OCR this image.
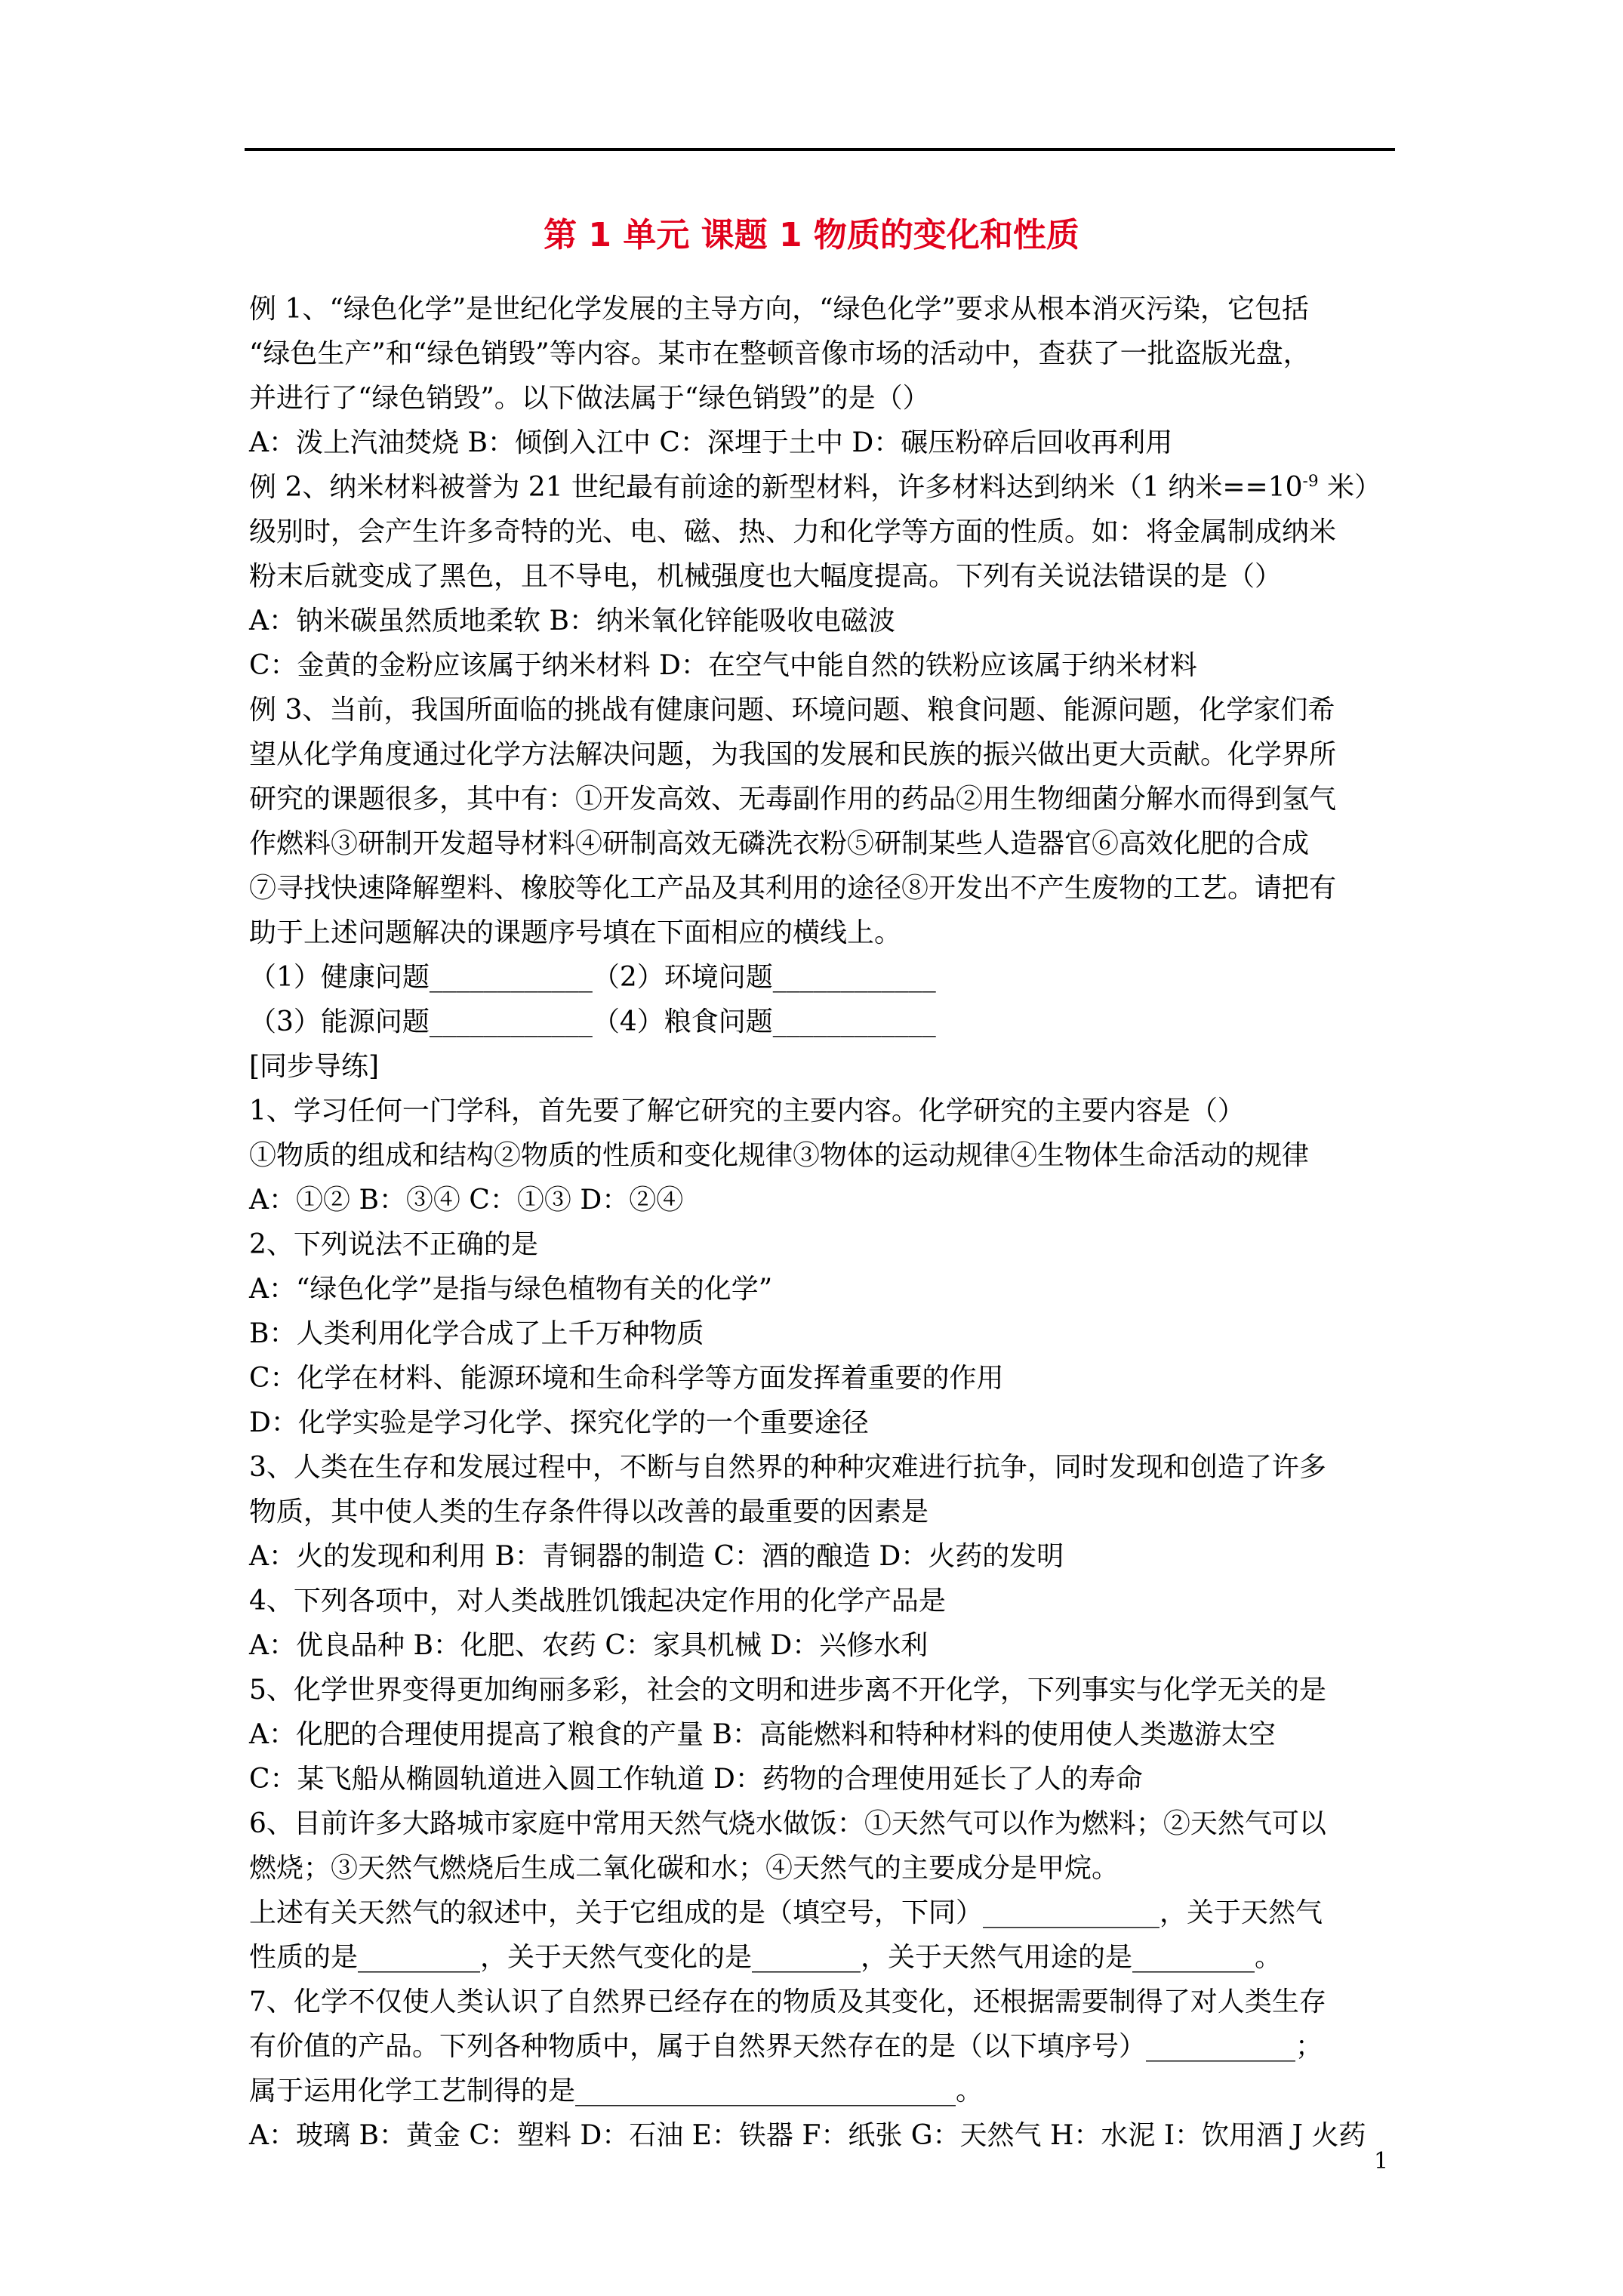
第 1 单元 课题 1 物质的变化和性质
例 1、“绿色化学”是世纪化学发展的主导方向，“绿色化学”要求从根本消灭污染，它包括
“绿色生产”和“绿色销毁”等内容。某市在整顿音像市场的活动中，查获了一批盗版光盘，
并进行了“绿色销毁”。以下做法属于“绿色销毁”的是（）
A：泼上汽油焚烧 B：倾倒入江中 C：深埋于土中 D：碾压粉碎后回收再利用
例 2、纳米材料被誉为 21 世纪最有前途的新型材料，许多材料达到纳米（1 纳米$==10^{-9}$ 米）
级别时，会产生许多奇特的光、电、磁、热、力和化学等方面的性质。如：将金属制成纳米
粉末后就变成了黑色，且不导电，机械强度也大幅度提高。下列有关说法错误的是（）
A：钠米碳虽然质地柔软 B：纳米氧化锌能吸收电磁波
C：金黄的金粉应该属于纳米材料 D：在空气中能自然的铁粉应该属于纳米材料
例 3、当前，我国所面临的挑战有健康问题、环境问题、粮食问题、能源问题，化学家们希
望从化学角度通过化学方法解决问题，为我国的发展和民族的振兴做出更大贡献。化学界所
研究的课题很多，其中有：①开发高效、无毒副作用的药品②用生物细菌分解水而得到氢气
作燃料③研制开发超导材料④研制高效无磷洗衣粉⑤研制某些人造器官⑥高效化肥的合成
⑦寻找快速降解塑料、橡胶等化工产品及其利用的途径⑧开发出不产生废物的工艺。请把有
助于上述问题解决的课题序号填在下面相应的横线上。
（1）健康问题____________（2）环境问题____________
（3）能源问题____________（4）粮食问题____________
[同步导练]
1、学习任何一门学科，首先要了解它研究的主要内容。化学研究的主要内容是（）
①物质的组成和结构②物质的性质和变化规律③物体的运动规律④生物体生命活动的规律
A：①② B：③④ C：①③ D：②④
2、下列说法不正确的是
A：“绿色化学”是指与绿色植物有关的化学”
B：人类利用化学合成了上千万种物质
C：化学在材料、能源环境和生命科学等方面发挥着重要的作用
D：化学实验是学习化学、探究化学的一个重要途径
3、人类在生存和发展过程中，不断与自然界的种种灾难进行抗争，同时发现和创造了许多
物质，其中使人类的生存条件得以改善的最重要的因素是
A：火的发现和利用 B：青铜器的制造 C：酒的酿造 D：火药的发明
4、下列各项中，对人类战胜饥饿起决定作用的化学产品是
A：优良品种 B：化肥、农药 C：家具机械 D：兴修水利
5、化学世界变得更加绚丽多彩，社会的文明和进步离不开化学，下列事实与化学无关的是
A：化肥的合理使用提高了粮食的产量 B：高能燃料和特种材料的使用使人类遨游太空
C：某飞船从椭圆轨道进入圆工作轨道 D：药物的合理使用延长了人的寿命
6、目前许多大路城市家庭中常用天然气烧水做饭：①天然气可以作为燃料；②天然气可以
燃烧；③天然气燃烧后生成二氧化碳和水；④天然气的主要成分是甲烷。
上述有关天然气的叙述中，关于它组成的是（填空号，下同）_____________，关于天然气
性质的是_________，关于天然气变化的是________，关于天然气用途的是_________。
7、化学不仅使人类认识了自然界已经存在的物质及其变化，还根据需要制得了对人类生存
有价值的产品。下列各种物质中，属于自然界天然存在的是（以下填序号）___________；
属于运用化学工艺制得的是____________________________。
A：玻璃 B：黄金 C：塑料 D：石油 E：铁器 F：纸张 G：天然气 H：水泥 I：饮用酒 J 火药
1
